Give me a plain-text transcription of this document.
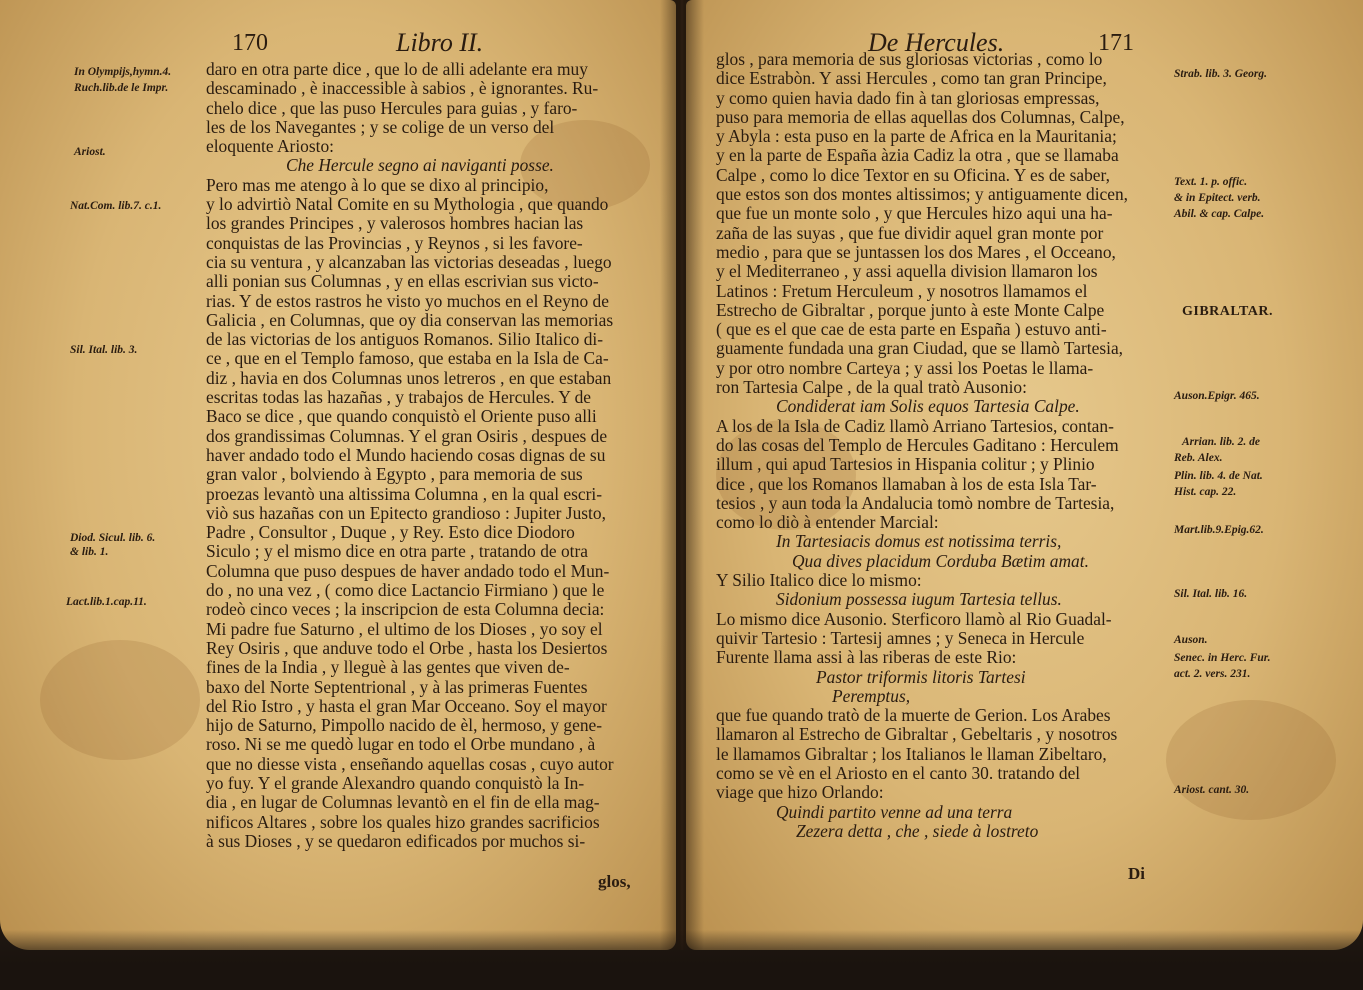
170	Libro II.
In Olympijs,hymn.4.
Ruch.lib.de le Impr.
Ariost.
Nat.Com. lib.7. c.1.
Sil. Ital. lib. 3.
Diod. Sicul. lib. 6.
& lib. 1.
Lact.lib.1.cap.11.
daro en otra parte dice , que lo de alli adelante era muy
descaminado , è inaccessible à sabios , è ignorantes. Ru-
chelo dice , que las puso Hercules para guias , y faro-
les de los Navegantes ; y se colige de un verso del
eloquente Ariosto:
Che Hercule segno ai naviganti posse.
Pero mas me atengo à lo que se dixo al principio,
y lo advirtiò Natal Comite en su Mythologia , que quando
los grandes Principes , y valerosos hombres hacian las
conquistas de las Provincias , y Reynos , si les favore-
cia su ventura , y alcanzaban las victorias deseadas , luego
alli ponian sus Columnas , y en ellas escrivian sus victo-
rias. Y de estos rastros he visto yo muchos en el Reyno de
Galicia , en Columnas, que oy dia conservan las memorias
de las victorias de los antiguos Romanos. Silio Italico di-
ce , que en el Templo famoso, que estaba en la Isla de Ca-
diz , havia en dos Columnas unos letreros , en que estaban
escritas todas las hazañas , y trabajos de Hercules. Y de
Baco se dice , que quando conquistò el Oriente puso alli
dos grandissimas Columnas. Y el gran Osiris , despues de
haver andado todo el Mundo haciendo cosas dignas de su
gran valor , bolviendo à Egypto , para memoria de sus
proezas levantò una altissima Columna , en la qual escri-
viò sus hazañas con un Epitecto grandioso : Jupiter Justo,
Padre , Consultor , Duque , y Rey. Esto dice Diodoro
Siculo ; y el mismo dice en otra parte , tratando de otra
Columna que puso despues de haver andado todo el Mun-
do , no una vez , ( como dice Lactancio Firmiano ) que le
rodeò cinco veces ; la inscripcion de esta Columna decia:
Mi padre fue Saturno , el ultimo de los Dioses , yo soy el
Rey Osiris , que anduve todo el Orbe , hasta los Desiertos
fines de la India , y lleguè à las gentes que viven de-
baxo del Norte Septentrional , y à las primeras Fuentes
del Rio Istro , y hasta el gran Mar Occeano. Soy el mayor
hijo de Saturno, Pimpollo nacido de èl, hermoso, y gene-
roso. Ni se me quedò lugar en todo el Orbe mundano , à
que no diesse vista , enseñando aquellas cosas , cuyo autor
yo fuy. Y el grande Alexandro quando conquistò la In-
dia , en lugar de Columnas levantò en el fin de ella mag-
nificos Altares , sobre los quales hizo grandes sacrificios
à sus Dioses , y se quedaron edificados por muchos si-
glos,
De Hercules.	171
glos , para memoria de sus gloriosas victorias , como lo
dice Estrabòn. Y assi Hercules , como tan gran Principe,
y como quien havia dado fin à tan gloriosas empressas,
puso para memoria de ellas aquellas dos Columnas, Calpe,
y Abyla : esta puso en la parte de Africa en la Mauritania;
y en la parte de España àzia Cadiz la otra , que se llamaba
Calpe , como lo dice Textor en su Oficina. Y es de saber,
que estos son dos montes altissimos; y antiguamente dicen,
que fue un monte solo , y que Hercules hizo aqui una ha-
zaña de las suyas , que fue dividir aquel gran monte por
medio , para que se juntassen los dos Mares , el Occeano,
y el Mediterraneo , y assi aquella division llamaron los
Latinos : Fretum Herculeum , y nosotros llamamos el
Estrecho de Gibraltar , porque junto à este Monte Calpe
( que es el que cae de esta parte en España ) estuvo anti-
guamente fundada una gran Ciudad, que se llamò Tartesia,
y por otro nombre Carteya ; y assi los Poetas le llama-
ron Tartesia Calpe , de la qual tratò Ausonio:
Condiderat iam Solis equos Tartesia Calpe.
A los de la Isla de Cadiz llamò Arriano Tartesios, contan-
do las cosas del Templo de Hercules Gaditano : Herculem
illum , qui apud Tartesios in Hispania colitur ; y Plinio
dice , que los Romanos llamaban à los de esta Isla Tar-
tesios , y aun toda la Andalucia tomò nombre de Tartesia,
como lo diò à entender Marcial:
In Tartesiacis domus est notissima terris,
Qua dives placidum Corduba Bætim amat.
Y Silio Italico dice lo mismo:
Sidonium possessa iugum Tartesia tellus.
Lo mismo dice Ausonio. Sterficoro llamò al Rio Guadal-
quivir Tartesio : Tartesij amnes ; y Seneca in Hercule
Furente llama assi à las riberas de este Rio:
Pastor triformis litoris Tartesi
Peremptus,
que fue quando tratò de la muerte de Gerion. Los Arabes
llamaron al Estrecho de Gibraltar , Gebeltaris , y nosotros
le llamamos Gibraltar ; los Italianos le llaman Zibeltaro,
como se vè en el Ariosto en el canto 30. tratando del
viage que hizo Orlando:
Quindi partito venne ad una terra
Zezera detta , che , siede à lostreto
Strab. lib. 3. Georg.
Text. 1. p. offic.
& in Epitect. verb.
Abil. & cap. Calpe.
GIBRALTAR.
Auson.Epigr. 465.
Arrian. lib. 2. de
Reb. Alex.
Plin. lib. 4. de Nat.
Hist. cap. 22.
Mart.lib.9.Epig.62.
Sil. Ital. lib. 16.
Auson.
Senec. in Herc. Fur.
act. 2. vers. 231.
Ariost. cant. 30.
Di
